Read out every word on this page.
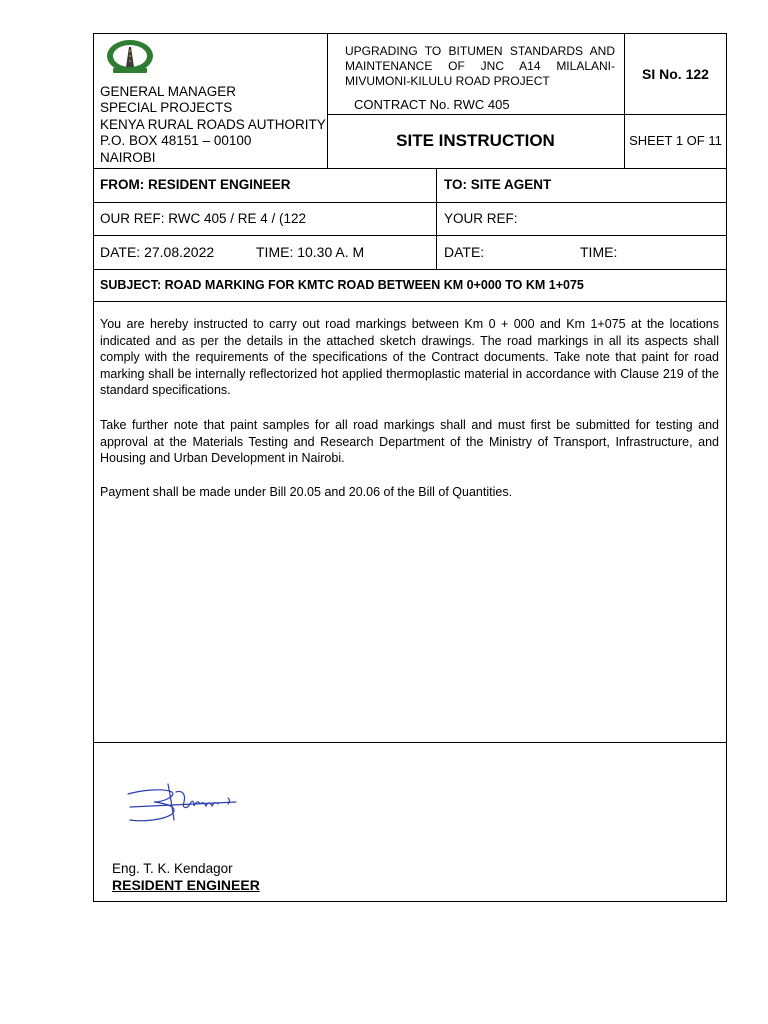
GENERAL MANAGER
SPECIAL PROJECTS
KENYA RURAL ROADS AUTHORITY
P.O. BOX 48151 – 00100
NAIROBI
UPGRADING TO BITUMEN STANDARDS AND MAINTENANCE OF JNC A14 MILALANI-MIVUMONI-KILULU ROAD PROJECT
CONTRACT No. RWC 405
SITE INSTRUCTION
SI No. 122
SHEET 1 OF 11
FROM: RESIDENT ENGINEER	TO: SITE AGENT
OUR REF: RWC 405 / RE 4 / (122	YOUR REF:
DATE: 27.08.2022	TIME: 10.30 A. M	DATE:	TIME:
SUBJECT: ROAD MARKING FOR KMTC ROAD BETWEEN KM 0+000 TO KM 1+075
You are hereby instructed to carry out road markings between Km 0 + 000 and Km 1+075 at the locations indicated and as per the details in the attached sketch drawings. The road markings in all its aspects shall comply with the requirements of the specifications of the Contract documents. Take note that paint for road marking shall be internally reflectorized hot applied thermoplastic material in accordance with Clause 219 of the standard specifications.
Take further note that paint samples for all road markings shall and must first be submitted for testing and approval at the Materials Testing and Research Department of the Ministry of Transport, Infrastructure, and Housing and Urban Development in Nairobi.
Payment shall be made under Bill 20.05 and 20.06 of the Bill of Quantities.
Eng. T. K. Kendagor
RESIDENT ENGINEER
